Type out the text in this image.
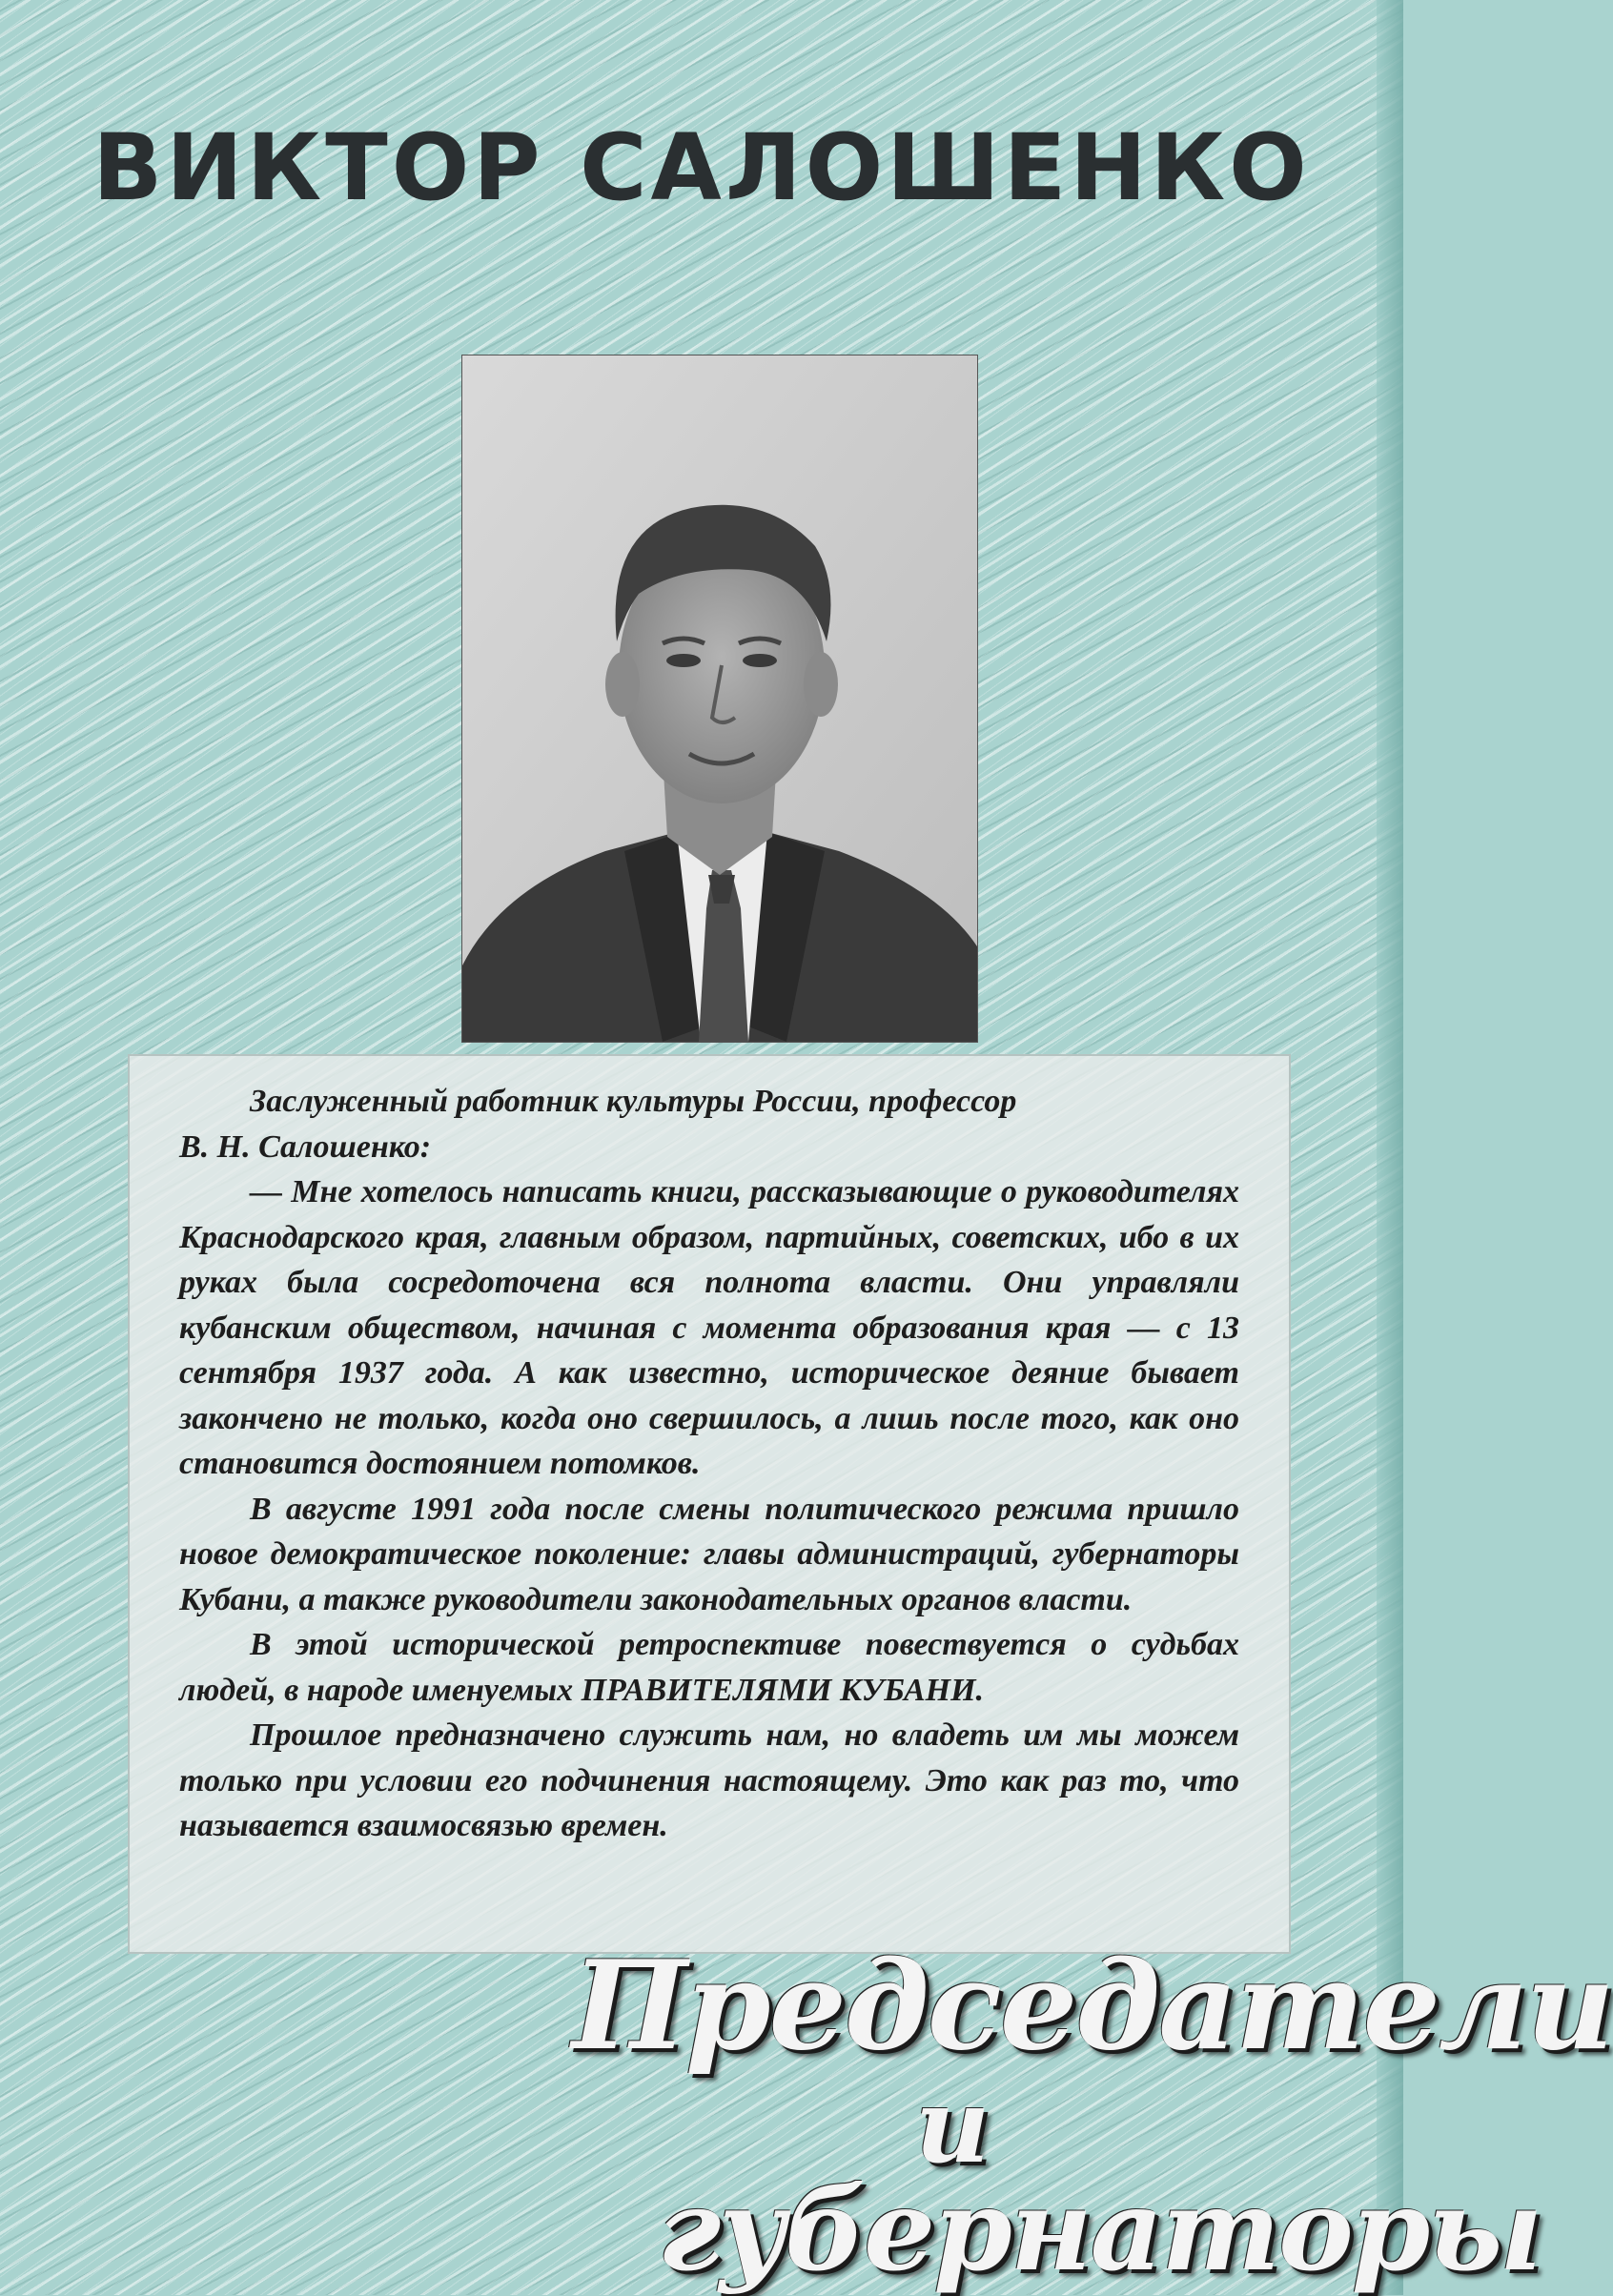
ВИКТОР САЛОШЕНКО

Заслуженный работник культуры России, профессор

В. Н. Салошенко:

— Мне хотелось написать книги, рассказывающие о руководителях Краснодарского края, главным образом, партийных, советских, ибо в их руках была сосредоточена вся полнота власти. Они управляли кубанским обществом, начиная с момента образования края — с 13 сентября 1937 года. А как известно, историческое деяние бывает закончено не только, когда оно свершилось, а лишь после того, как оно становится достоянием потомков.

В августе 1991 года после смены политического режима пришло новое демократическое поколение: главы администраций, губернаторы Кубани, а также руководители законодательных органов власти.

В этой исторической ретроспективе повествуется о судьбах людей, в народе именуемых ПРАВИТЕЛЯМИ КУБАНИ.

Прошлое предназначено служить нам, но владеть им мы можем только при условии его подчинения настоящему. Это как раз то, что называется взаимосвязью времен.

Председатели
и
губернаторы
